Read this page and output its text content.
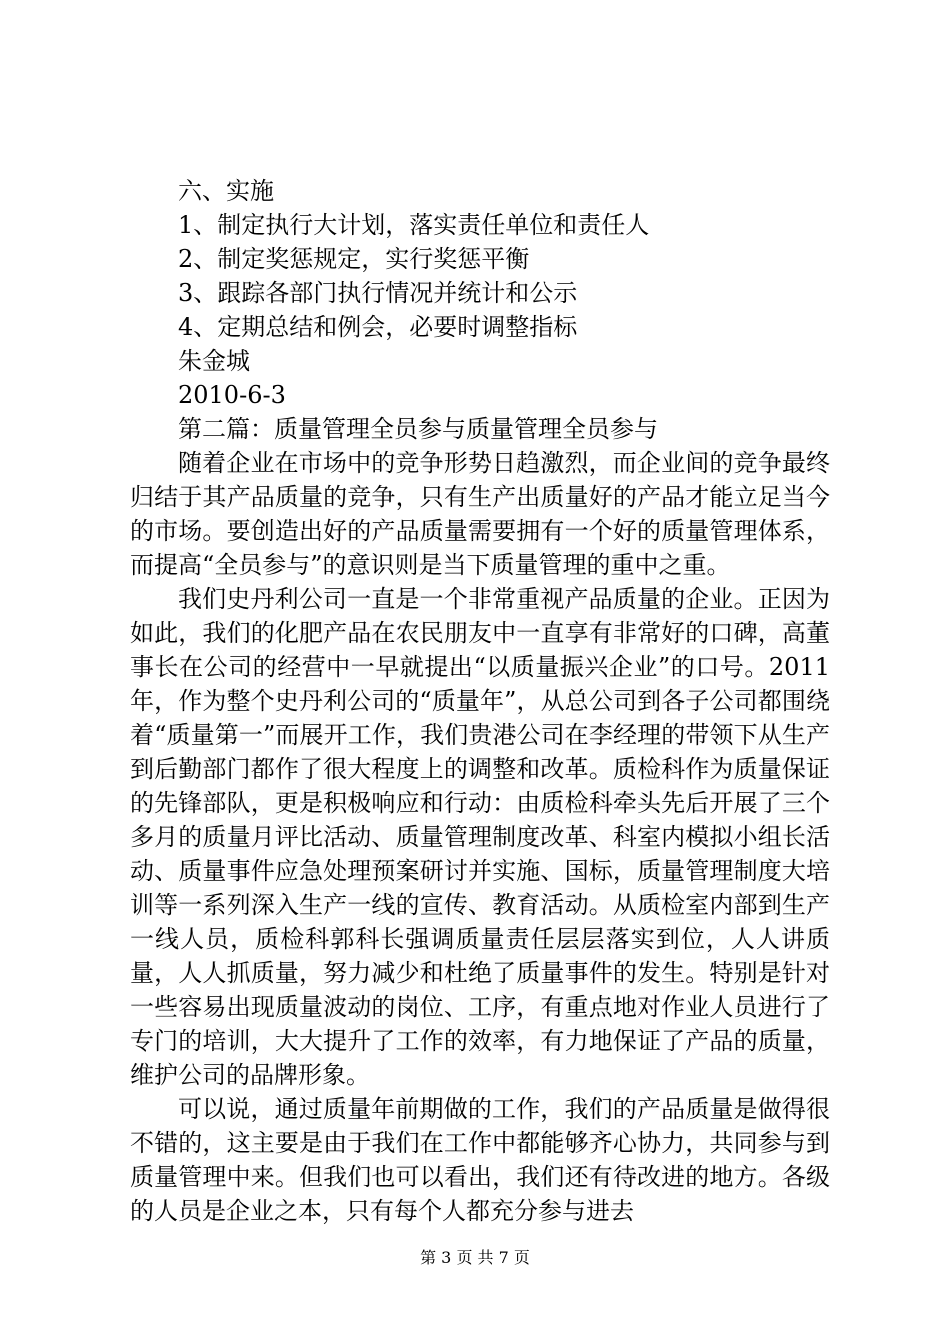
六、实施
1、制定执行大计划，落实责任单位和责任人
2、制定奖惩规定，实行奖惩平衡
3、跟踪各部门执行情况并统计和公示
4、定期总结和例会，必要时调整指标
朱金城
2010-6-3
第二篇：质量管理全员参与质量管理全员参与

随着企业在市场中的竞争形势日趋激烈，而企业间的竞争最终归结于其产品质量的竞争，只有生产出质量好的产品才能立足当今的市场。要创造出好的产品质量需要拥有一个好的质量管理体系，而提高“全员参与”的意识则是当下质量管理的重中之重。

我们史丹利公司一直是一个非常重视产品质量的企业。正因为如此，我们的化肥产品在农民朋友中一直享有非常好的口碑，高董事长在公司的经营中一早就提出“以质量振兴企业”的口号。2011年，作为整个史丹利公司的“质量年”，从总公司到各子公司都围绕着“质量第一”而展开工作，我们贵港公司在李经理的带领下从生产到后勤部门都作了很大程度上的调整和改革。质检科作为质量保证的先锋部队，更是积极响应和行动：由质检科牵头先后开展了三个多月的质量月评比活动、质量管理制度改革、科室内模拟小组长活动、质量事件应急处理预案研讨并实施、国标，质量管理制度大培训等一系列深入生产一线的宣传、教育活动。从质检室内部到生产一线人员，质检科郭科长强调质量责任层层落实到位，人人讲质量，人人抓质量，努力减少和杜绝了质量事件的发生。特别是针对一些容易出现质量波动的岗位、工序，有重点地对作业人员进行了专门的培训，大大提升了工作的效率，有力地保证了产品的质量，维护公司的品牌形象。

可以说，通过质量年前期做的工作，我们的产品质量是做得很不错的，这主要是由于我们在工作中都能够齐心协力，共同参与到质量管理中来。但我们也可以看出，我们还有待改进的地方。各级的人员是企业之本，只有每个人都充分参与进去

第 3 页 共 7 页
